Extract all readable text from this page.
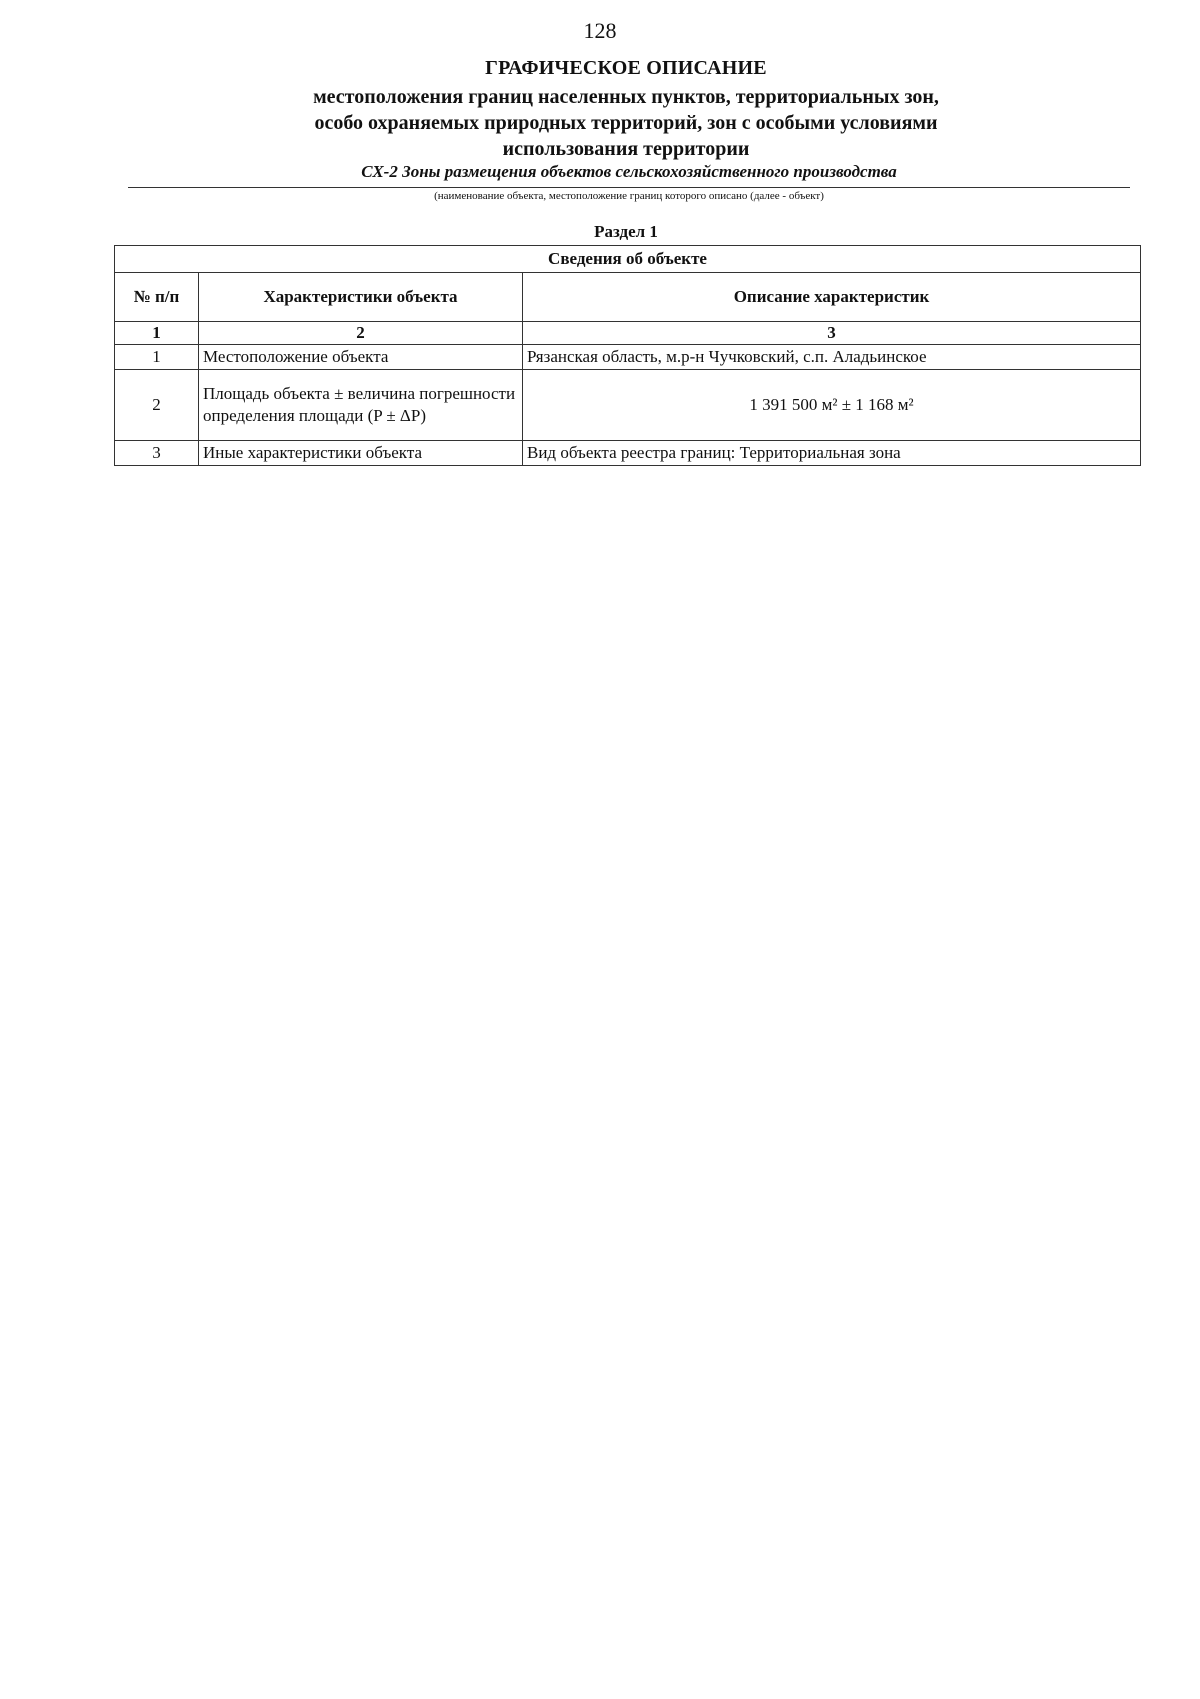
128
ГРАФИЧЕСКОЕ ОПИСАНИЕ
местоположения границ населенных пунктов, территориальных зон, особо охраняемых природных территорий, зон с особыми условиями использования территории
СХ-2 Зоны размещения объектов сельскохозяйственного производства
(наименование объекта, местоположение границ которого описано (далее - объект)
Раздел 1
Сведения об объекте		
№ п/п	Характеристики объекта	Описание характеристик
1	2	3
1	Местоположение объекта	Рязанская область, м.р-н Чучковский, с.п. Аладьинское
2	Площадь объекта ± величина погрешности определения площади (P ± ΔP)	1 391 500 м² ± 1 168 м²
3	Иные характеристики объекта	Вид объекта реестра границ: Территориальная зона
